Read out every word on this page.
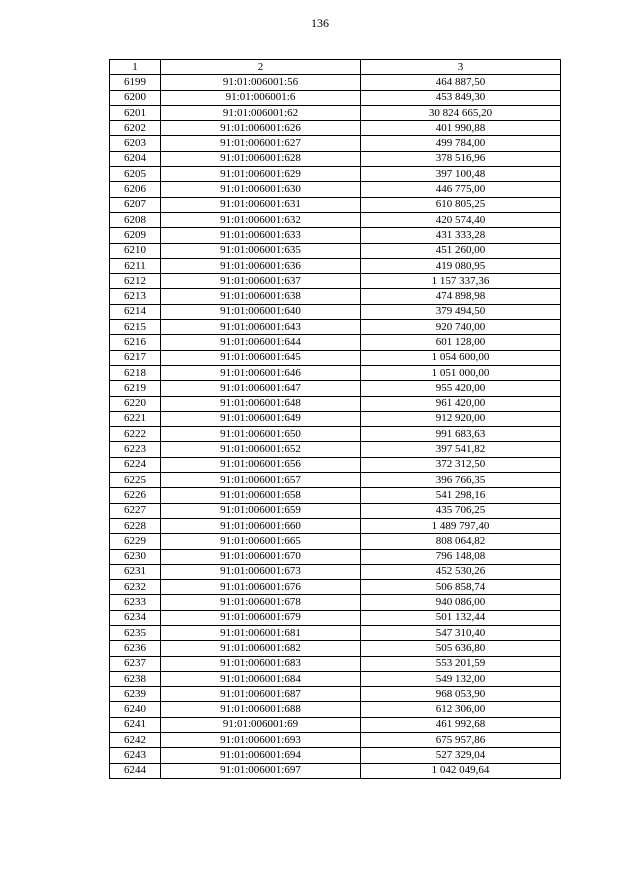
136
1	2	3
6199	91:01:006001:56	464 887,50
6200	91:01:006001:6	453 849,30
6201	91:01:006001:62	30 824 665,20
6202	91:01:006001:626	401 990,88
6203	91:01:006001:627	499 784,00
6204	91:01:006001:628	378 516,96
6205	91:01:006001:629	397 100,48
6206	91:01:006001:630	446 775,00
6207	91:01:006001:631	610 805,25
6208	91:01:006001:632	420 574,40
6209	91:01:006001:633	431 333,28
6210	91:01:006001:635	451 260,00
6211	91:01:006001:636	419 080,95
6212	91:01:006001:637	1 157 337,36
6213	91:01:006001:638	474 898,98
6214	91:01:006001:640	379 494,50
6215	91:01:006001:643	920 740,00
6216	91:01:006001:644	601 128,00
6217	91:01:006001:645	1 054 600,00
6218	91:01:006001:646	1 051 000,00
6219	91:01:006001:647	955 420,00
6220	91:01:006001:648	961 420,00
6221	91:01:006001:649	912 920,00
6222	91:01:006001:650	991 683,63
6223	91:01:006001:652	397 541,82
6224	91:01:006001:656	372 312,50
6225	91:01:006001:657	396 766,35
6226	91:01:006001:658	541 298,16
6227	91:01:006001:659	435 706,25
6228	91:01:006001:660	1 489 797,40
6229	91:01:006001:665	808 064,82
6230	91:01:006001:670	796 148,08
6231	91:01:006001:673	452 530,26
6232	91:01:006001:676	506 858,74
6233	91:01:006001:678	940 086,00
6234	91:01:006001:679	501 132,44
6235	91:01:006001:681	547 310,40
6236	91:01:006001:682	505 636,80
6237	91:01:006001:683	553 201,59
6238	91:01:006001:684	549 132,00
6239	91:01:006001:687	968 053,90
6240	91:01:006001:688	612 306,00
6241	91:01:006001:69	461 992,68
6242	91:01:006001:693	675 957,86
6243	91:01:006001:694	527 329,04
6244	91:01:006001:697	1 042 049,64
